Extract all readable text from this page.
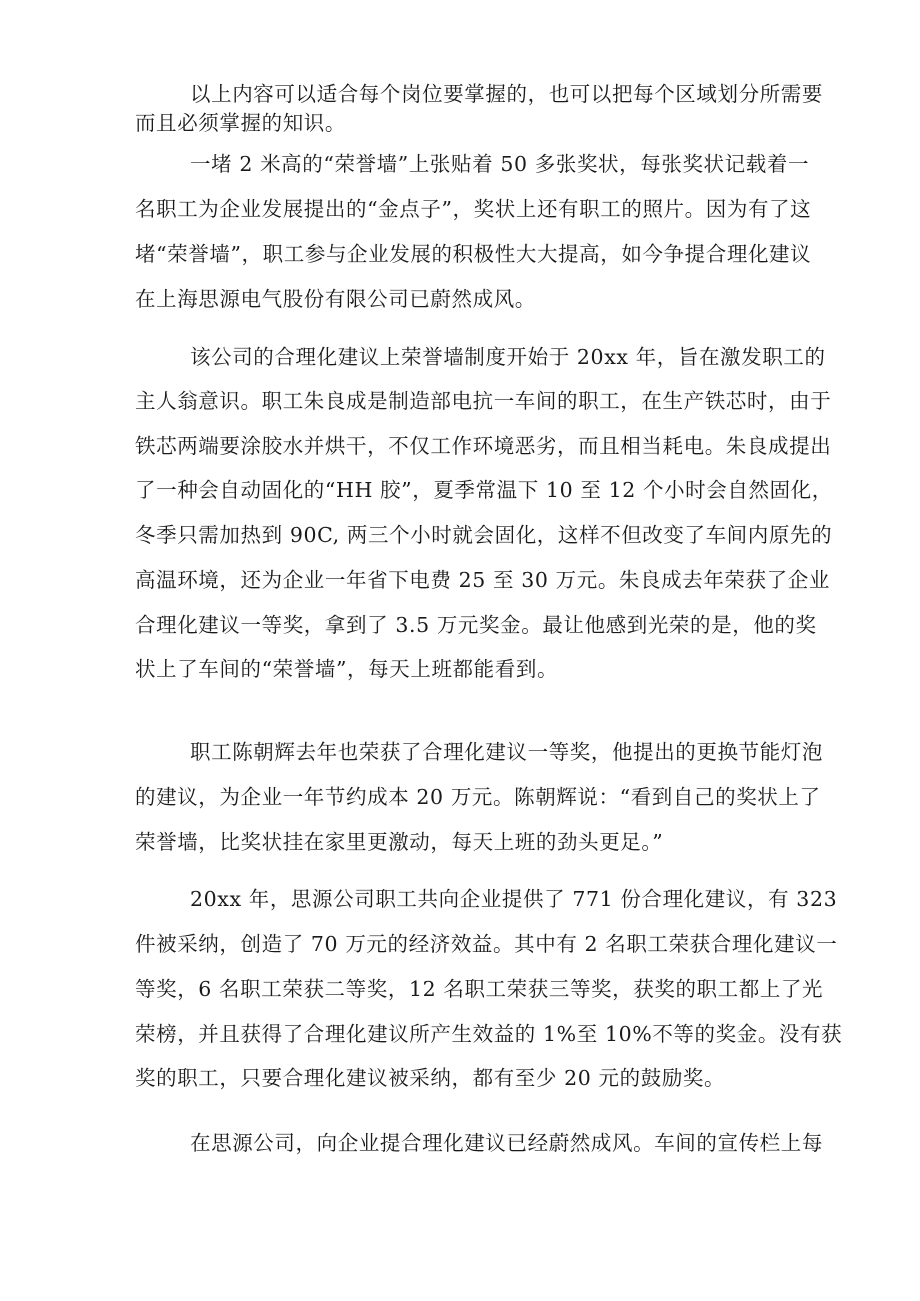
以上内容可以适合每个岗位要掌握的，也可以把每个区域划分所需要
而且必须掌握的知识。
一堵 2 米高的“荣誉墙”上张贴着 50 多张奖状，每张奖状记载着一
名职工为企业发展提出的“金点子”，奖状上还有职工的照片。因为有了这
堵“荣誉墙”，职工参与企业发展的积极性大大提高，如今争提合理化建议
在上海思源电气股份有限公司已蔚然成风。
该公司的合理化建议上荣誉墙制度开始于 20xx 年，旨在激发职工的
主人翁意识。职工朱良成是制造部电抗一车间的职工，在生产铁芯时，由于
铁芯两端要涂胶水并烘干，不仅工作环境恶劣，而且相当耗电。朱良成提出
了一种会自动固化的“HH 胶”，夏季常温下 10 至 12 个小时会自然固化，
冬季只需加热到 90C, 两三个小时就会固化，这样不但改变了车间内原先的
高温环境，还为企业一年省下电费 25 至 30 万元。朱良成去年荣获了企业
合理化建议一等奖，拿到了 3.5 万元奖金。最让他感到光荣的是，他的奖
状上了车间的“荣誉墙”，每天上班都能看到。
职工陈朝辉去年也荣获了合理化建议一等奖，他提出的更换节能灯泡
的建议，为企业一年节约成本 20 万元。陈朝辉说：“看到自己的奖状上了
荣誉墙，比奖状挂在家里更激动，每天上班的劲头更足。”
20xx 年，思源公司职工共向企业提供了 771 份合理化建议，有 323
件被采纳，创造了 70 万元的经济效益。其中有 2 名职工荣获合理化建议一
等奖，6 名职工荣获二等奖，12 名职工荣获三等奖，获奖的职工都上了光
荣榜，并且获得了合理化建议所产生效益的 1%至 10%不等的奖金。没有获
奖的职工，只要合理化建议被采纳，都有至少 20 元的鼓励奖。
在思源公司，向企业提合理化建议已经蔚然成风。车间的宣传栏上每
